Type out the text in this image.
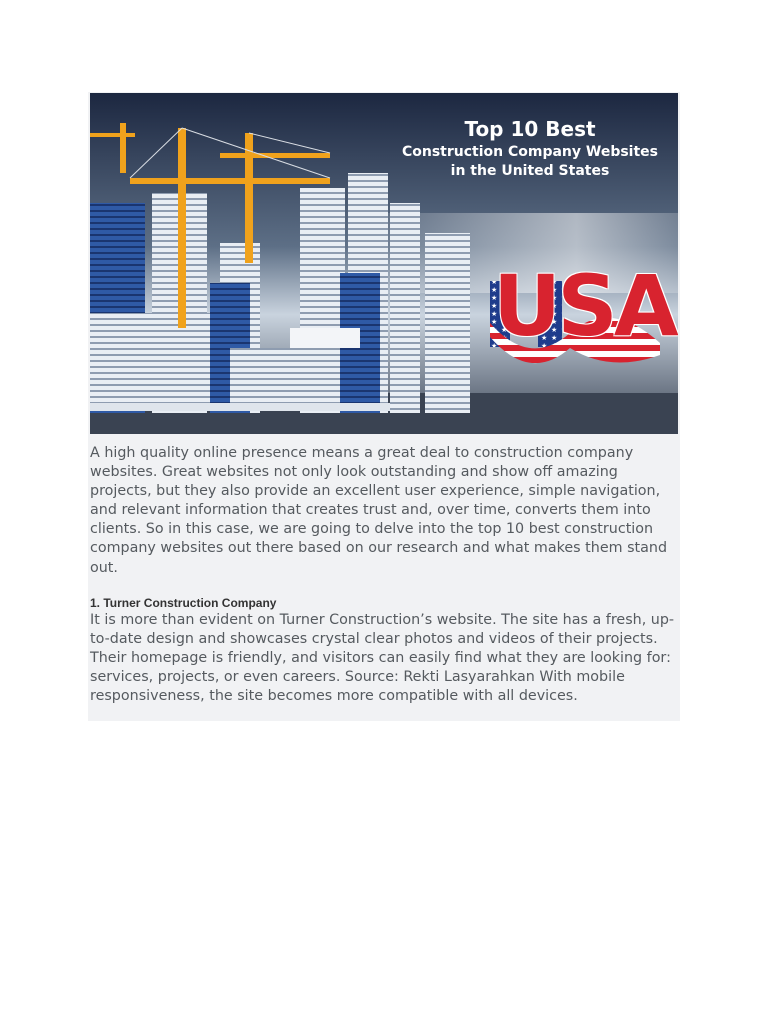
USA
Top 10 Best
Construction Company Websites
in the United States
A high quality online presence means a great deal to construction company websites. Great websites not only look outstanding and show off amazing projects, but they also provide an excellent user experience, simple navigation, and relevant information that creates trust and, over time, converts them into clients. So in this case, we are going to delve into the top 10 best construction company websites out there based on our research and what makes them stand out.
1. Turner Construction Company
It is more than evident on Turner Construction’s website. The site has a fresh, up-to-date design and showcases crystal clear photos and videos of their projects. Their homepage is friendly, and visitors can easily find what they are looking for: services, projects, or even careers. Source: Rekti Lasyarahkan With mobile responsiveness, the site becomes more compatible with all devices.
